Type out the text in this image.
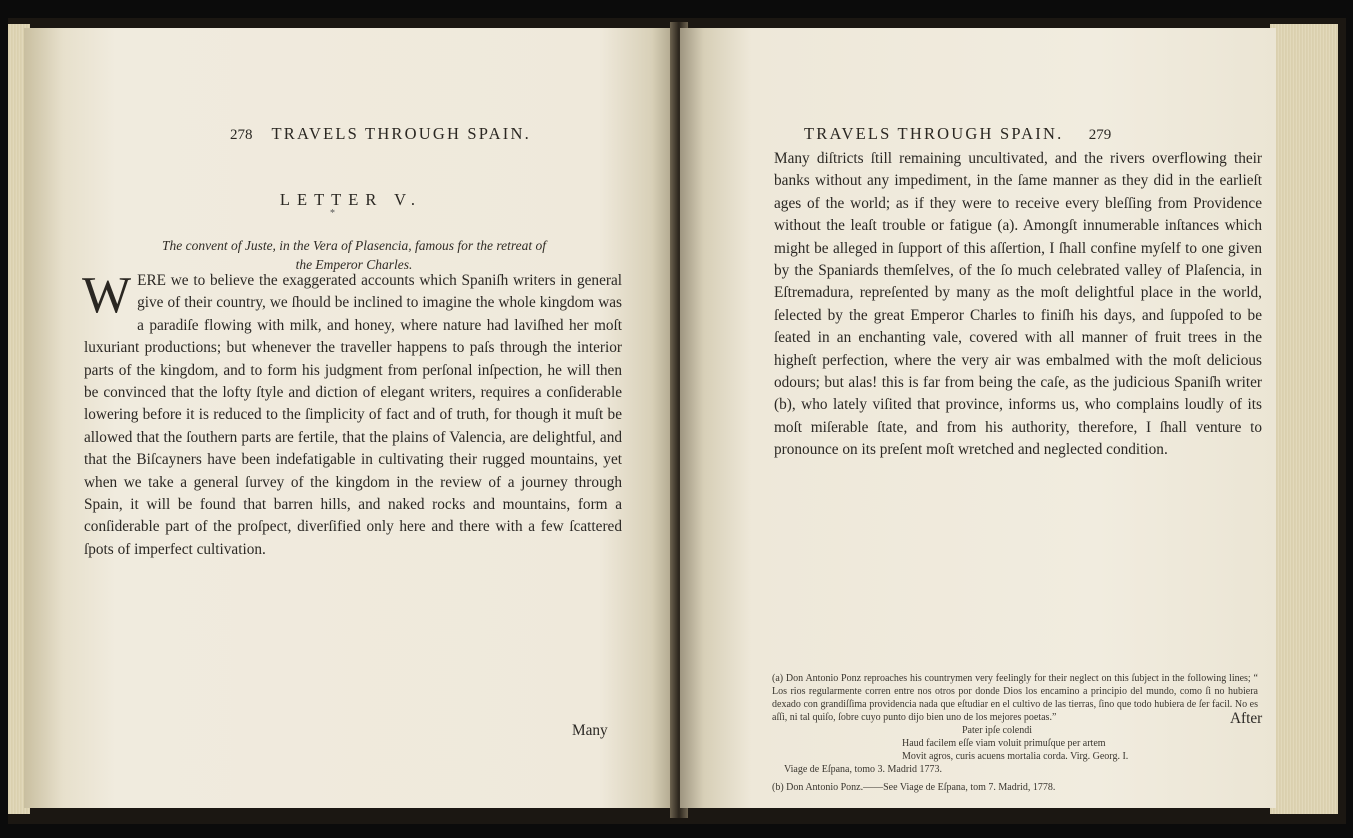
278 TRAVELS THROUGH SPAIN.
LETTER V.
*
The convent of Juste, in the Vera of Plasencia, famous for the retreat of
the Emperor Charles.
WERE we to believe the exaggerated accounts which Spaniſh writers in general give of their country, we ſhould be inclined to imagine the whole kingdom was a paradiſe flowing with milk, and honey, where nature had laviſhed her moſt luxuriant productions; but whenever the traveller happens to paſs through the interior parts of the kingdom, and to form his judgment from perſonal inſpection, he will then be convinced that the lofty ſtyle and diction of elegant writers, requires a conſiderable lowering before it is reduced to the ſimplicity of fact and of truth, for though it muſt be allowed that the ſouthern parts are fertile, that the plains of Valencia, are delightful, and that the Biſcayners have been indefatigable in cultivating their rugged mountains, yet when we take a general ſurvey of the kingdom in the review of a journey through Spain, it will be found that barren hills, and naked rocks and mountains, form a conſiderable part of the proſpect, diverſified only here and there with a few ſcattered ſpots of imperfect cultivation.
Many
TRAVELS THROUGH SPAIN. 279
Many diſtricts ſtill remaining uncultivated, and the rivers overflowing their banks without any impediment, in the ſame manner as they did in the earlieſt ages of the world; as if they were to receive every bleſſing from Providence without the leaſt trouble or fatigue (a). Amongſt innumerable inſtances which might be alleged in ſupport of this aſſertion, I ſhall confine myſelf to one given by the Spaniards themſelves, of the ſo much celebrated valley of Plaſencia, in Eſtremadura, repreſented by many as the moſt delightful place in the world, ſelected by the great Emperor Charles to finiſh his days, and ſuppoſed to be ſeated in an enchanting vale, covered with all manner of fruit trees in the higheſt perfection, where the very air was embalmed with the moſt delicious odours; but alas! this is far from being the caſe, as the judicious Spaniſh writer (b), who lately viſited that province, informs us, who complains loudly of its moſt miſerable ſtate, and from his authority, therefore, I ſhall venture to pronounce on its preſent moſt wretched and neglected condition.

(a) Don Antonio Ponz reproaches his countrymen very feelingly for their neglect on this ſubject in the following lines; “ Los rios regularmente corren entre nos otros por donde Dios los encamino a principio del mundo, como ſi no hubiera dexado con grandiſſima providencia nada que eſtudiar en el cultivo de las tierras, ſino que todo hubiera de ſer facil. No es aſſi, ni tal quiſo, ſobre cuyo punto dijo bien uno de los mejores poetas.”

Pater ipſe colendi

Haud facilem eſſe viam voluit primuſque per artem

Movit agros, curis acuens mortalia corda. Virg. Georg. I.

Viage de Eſpana, tomo 3. Madrid 1773.

(b) Don Antonio Ponz.——See Viage de Eſpana, tom 7. Madrid, 1778.

After
